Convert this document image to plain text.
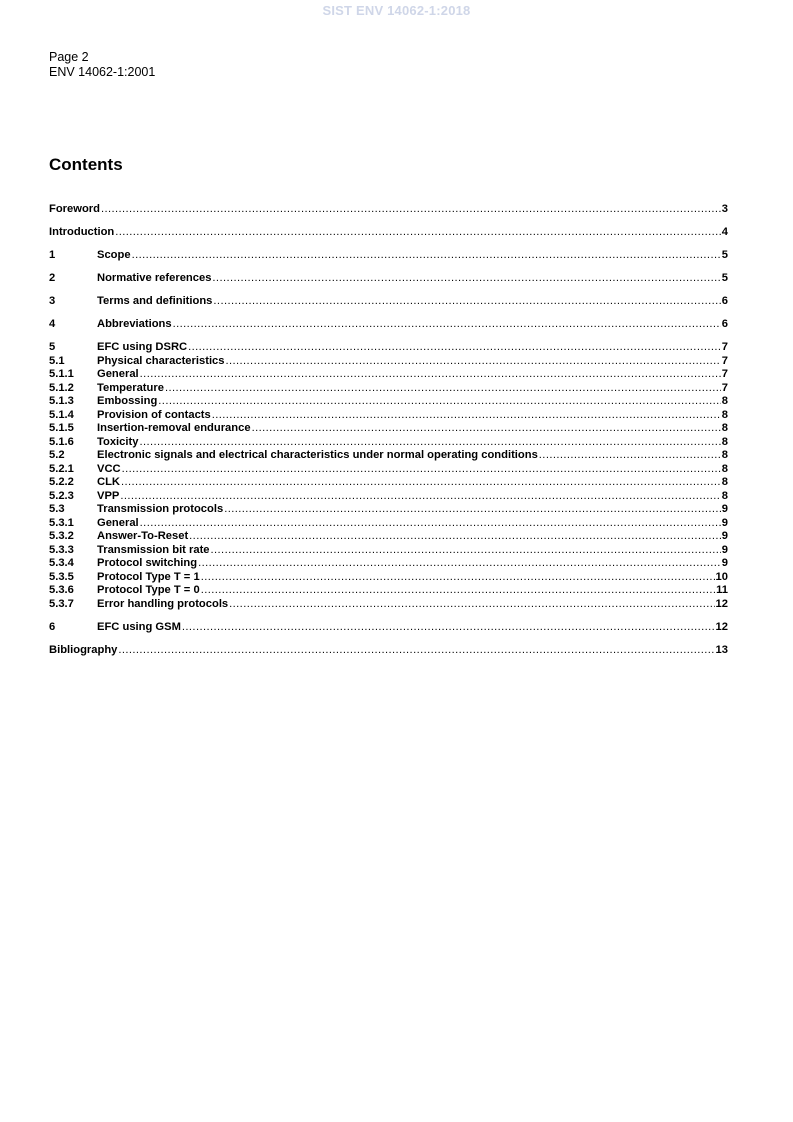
SIST ENV 14062-1:2018
Page 2
ENV 14062-1:2001
Contents
Foreword .....	3
Introduction .....	4
1	Scope .....	5
2	Normative references .....	5
3	Terms and definitions .....	6
4	Abbreviations .....	6
5	EFC using DSRC .....	7
5.1	Physical characteristics .....	7
5.1.1	General .....	7
5.1.2	Temperature .....	7
5.1.3	Embossing .....	8
5.1.4	Provision of contacts .....	8
5.1.5	Insertion-removal endurance .....	8
5.1.6	Toxicity .....	8
5.2	Electronic signals and electrical characteristics under normal operating conditions .....	8
5.2.1	VCC .....	8
5.2.2	CLK .....	8
5.2.3	VPP .....	8
5.3	Transmission protocols .....	9
5.3.1	General .....	9
5.3.2	Answer-To-Reset .....	9
5.3.3	Transmission bit rate .....	9
5.3.4	Protocol switching .....	9
5.3.5	Protocol Type T = 1 .....	10
5.3.6	Protocol Type T = 0 .....	11
5.3.7	Error handling protocols .....	12
6	EFC using GSM .....	12
Bibliography .....	13
